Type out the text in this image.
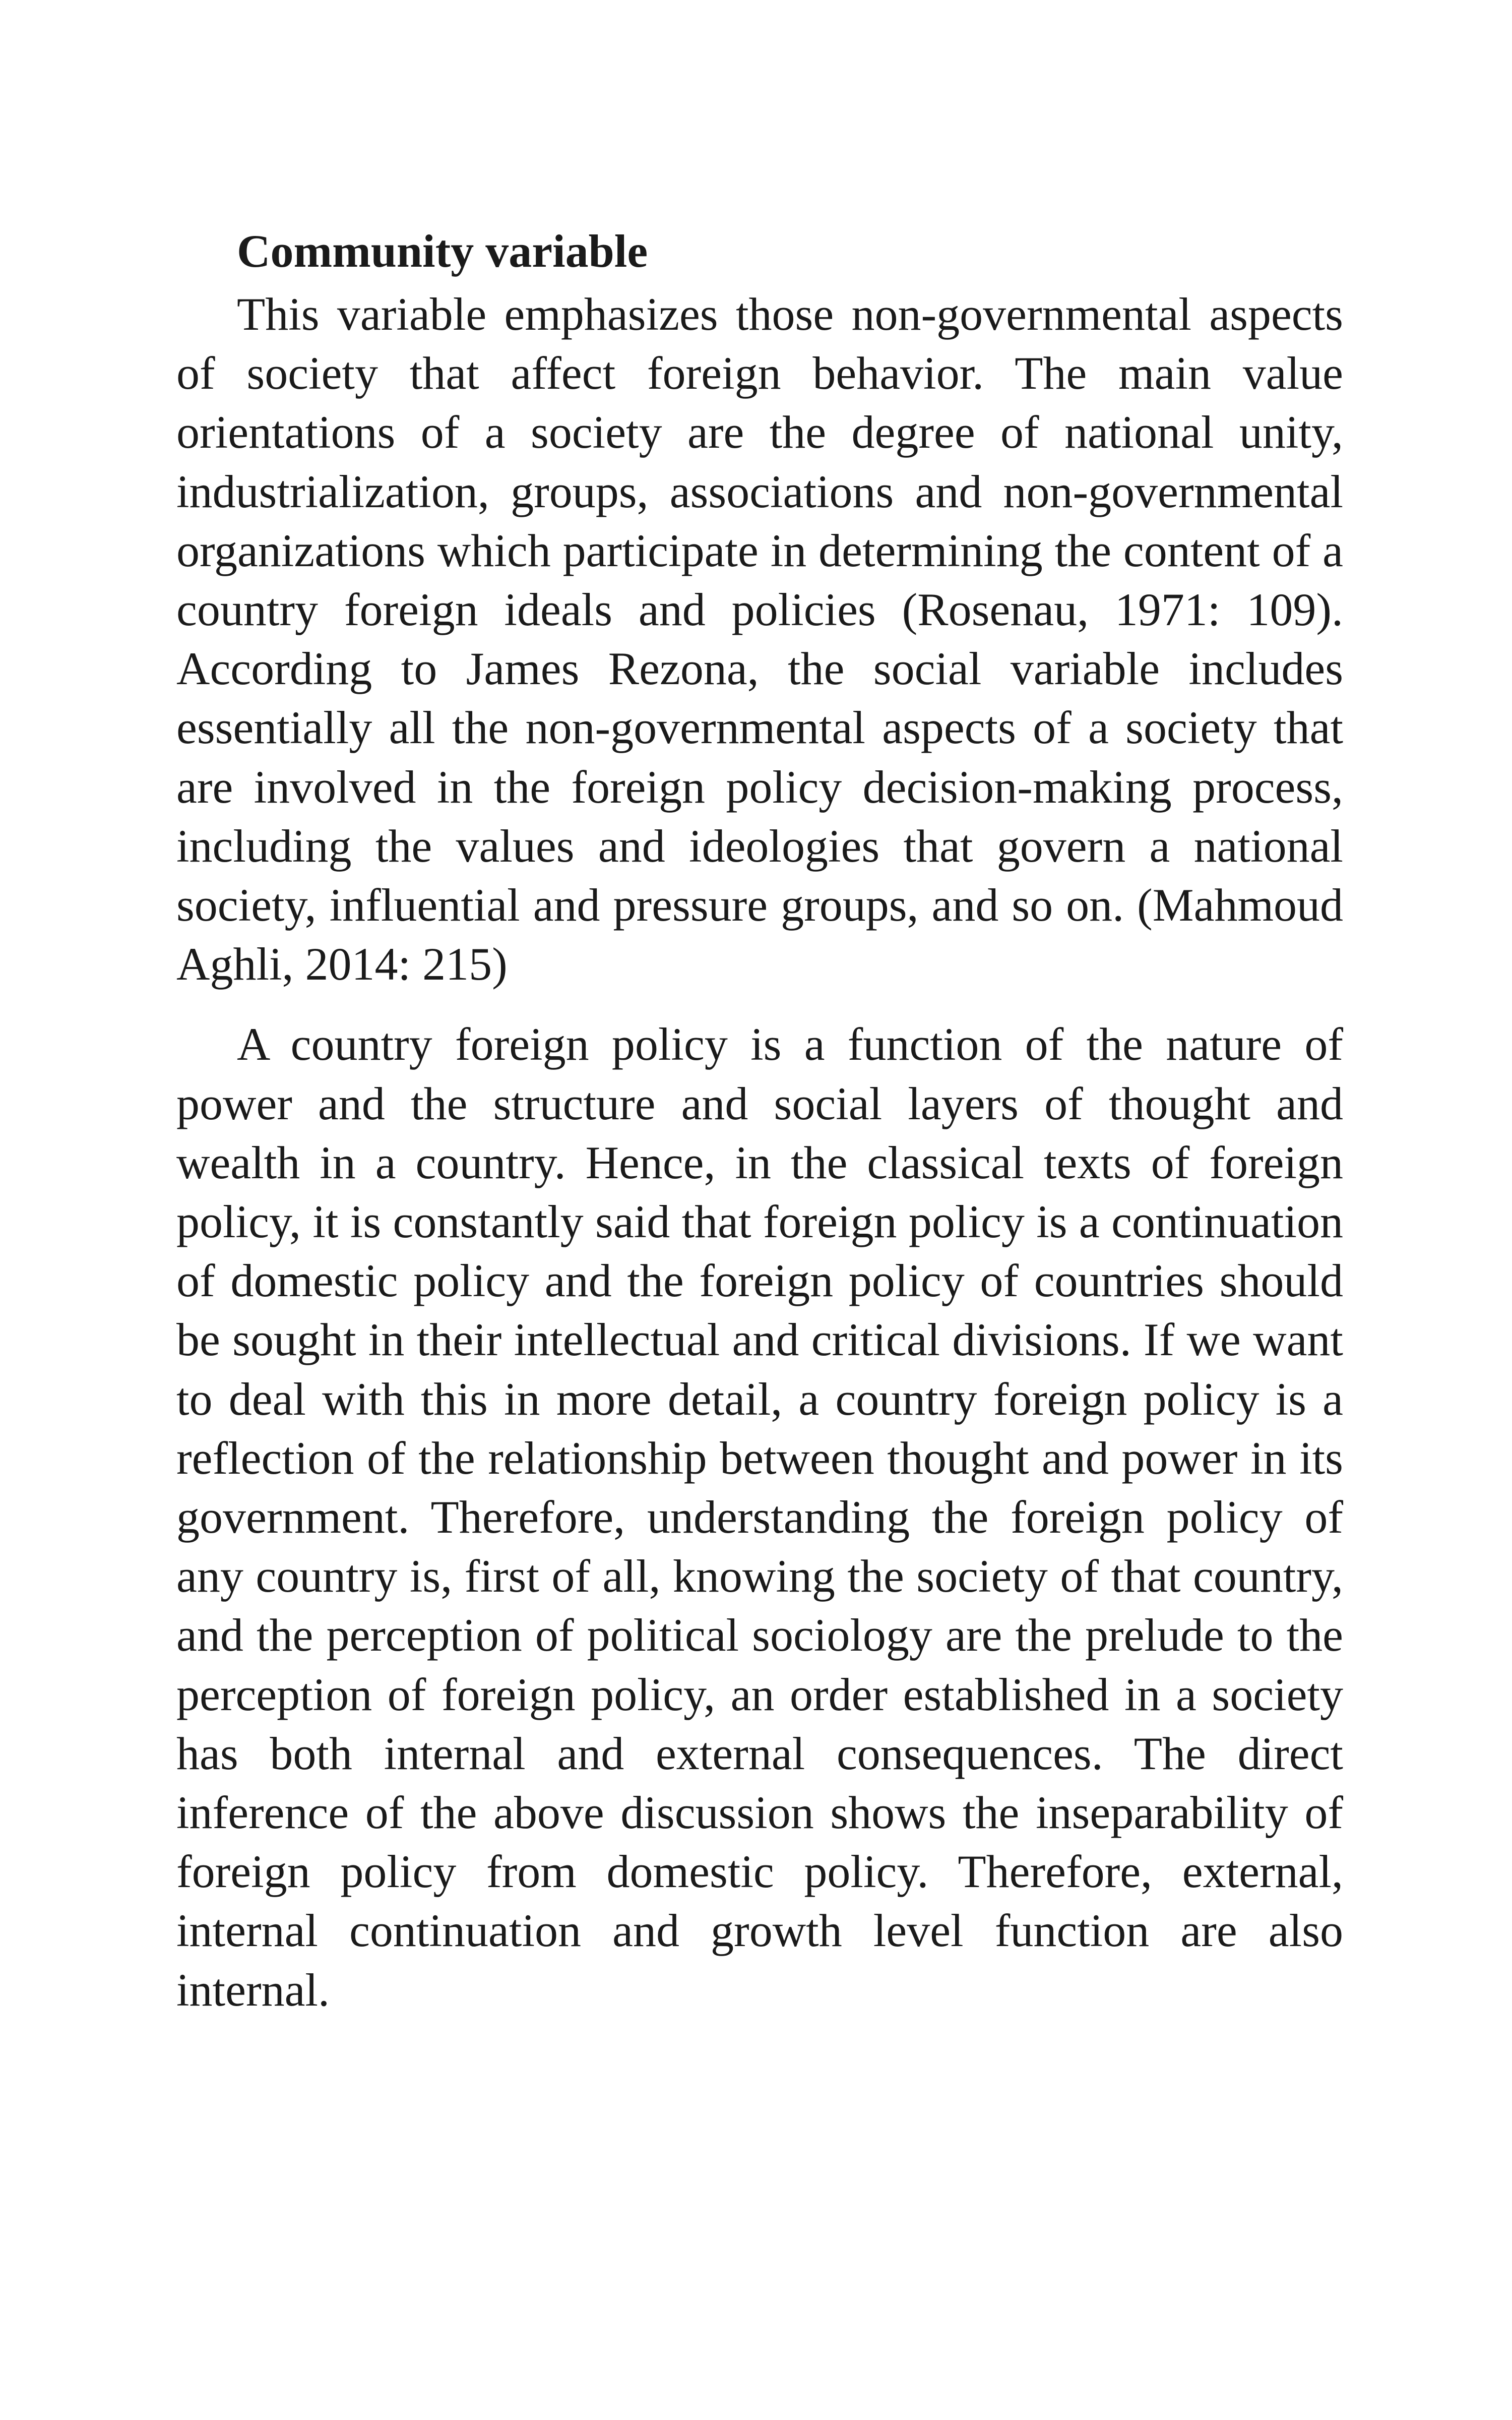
Community variable

This variable emphasizes those non-governmental aspects of society that affect foreign behavior. The main value orientations of a society are the degree of national unity, industrialization, groups, associations and non-governmental organizations which participate in determining the content of a country foreign ideals and policies (Rosenau, 1971: 109). According to James Rezona, the social variable includes essentially all the non-governmental aspects of a society that are involved in the foreign policy decision-making process, including the values and ideologies that govern a national society, influential and pressure groups, and so on. (Mahmoud Aghli, 2014: 215)

A country foreign policy is a function of the nature of power and the structure and social layers of thought and wealth in a country. Hence, in the classical texts of foreign policy, it is constantly said that foreign policy is a continuation of domestic policy and the foreign policy of countries should be sought in their intellectual and critical divisions. If we want to deal with this in more detail, a country foreign policy is a reflection of the relationship between thought and power in its government. Therefore, understanding the foreign policy of any country is, first of all, knowing the society of that country, and the perception of political sociology are the prelude to the perception of foreign policy, an order established in a society has both internal and external consequences. The direct inference of the above discussion shows the inseparability of foreign policy from domestic policy. Therefore, external, internal continuation and growth level function are also internal.
